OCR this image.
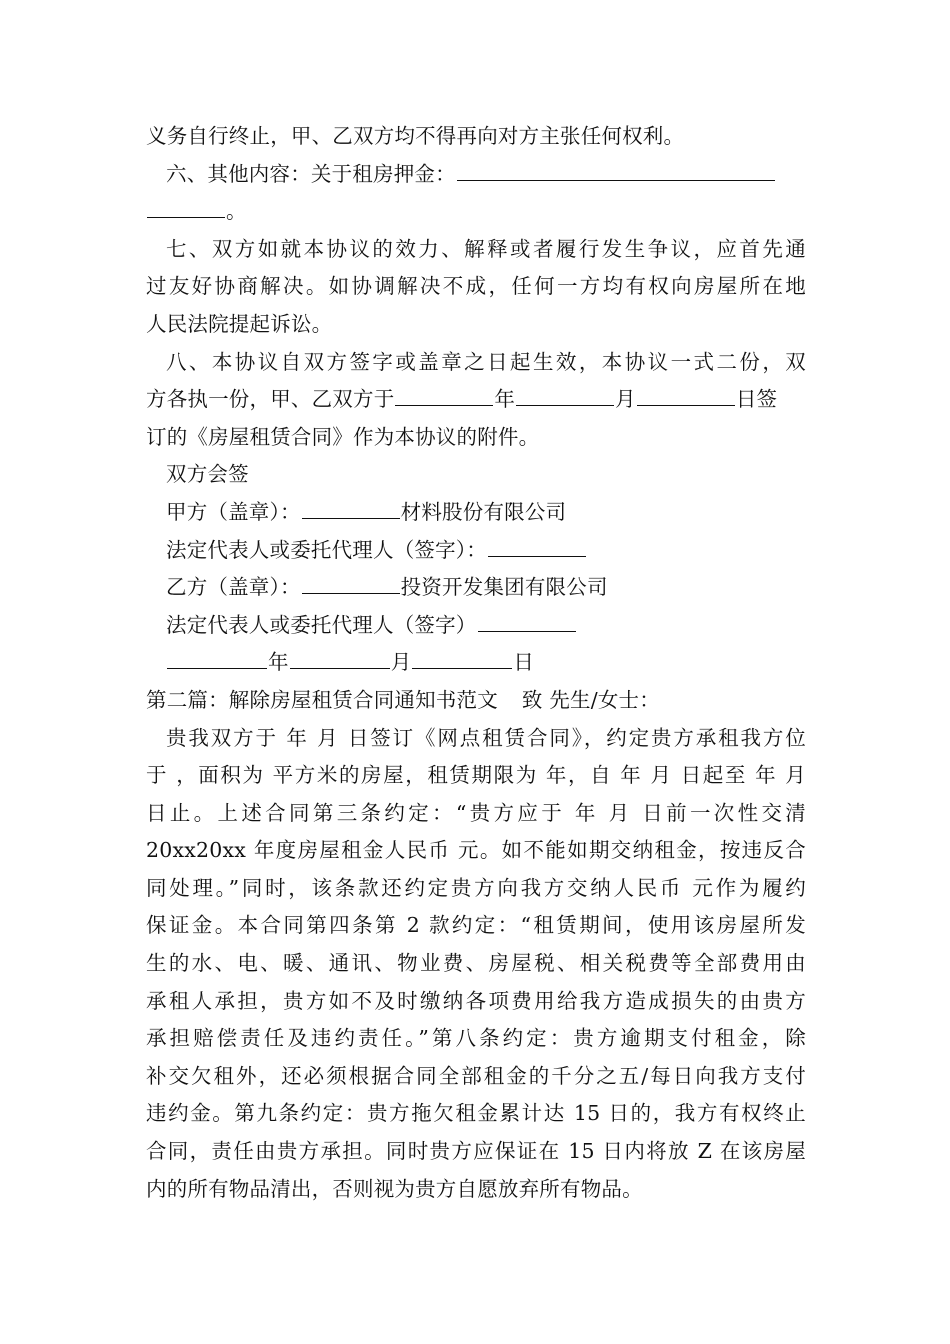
义务自行终止，甲、乙双方均不得再向对方主张任何权利。
六、其他内容：关于租房押金：
。
七、双方如就本协议的效力、解释或者履行发生争议，应首先通
过友好协商解决。如协调解决不成，任何一方均有权向房屋所在地
人民法院提起诉讼。
八、本协议自双方签字或盖章之日起生效，本协议一式二份，双
方各执一份，甲、乙双方于	年	月	日签
订的《房屋租赁合同》作为本协议的附件。
双方会签
甲方（盖章）：	材料股份有限公司
法定代表人或委托代理人（签字）：
乙方（盖章）：	投资开发集团有限公司
法定代表人或委托代理人（签字）
年	月	日
第二篇：解除房屋租赁合同通知书范文 致 先生/女士：
贵我双方于 年 月 日签订《网点租赁合同》，约定贵方承租我方位
于 ，面积为 平方米的房屋，租赁期限为 年，自 年 月 日起至 年 月
日止。上述合同第三条约定：“贵方应于 年 月 日前一次性交清
20xx20xx 年度房屋租金人民币 元。如不能如期交纳租金，按违反合
同处理。”同时，该条款还约定贵方向我方交纳人民币 元作为履约
保证金。本合同第四条第 2 款约定：“租赁期间，使用该房屋所发
生的水、电、暖、通讯、物业费、房屋税、相关税费等全部费用由
承租人承担，贵方如不及时缴纳各项费用给我方造成损失的由贵方
承担赔偿责任及违约责任。”第八条约定：贵方逾期支付租金，除
补交欠租外，还必须根据合同全部租金的千分之五/每日向我方支付
违约金。第九条约定：贵方拖欠租金累计达 15 日的，我方有权终止
合同，责任由贵方承担。同时贵方应保证在 15 日内将放 Z 在该房屋
内的所有物品清出，否则视为贵方自愿放弃所有物品。
